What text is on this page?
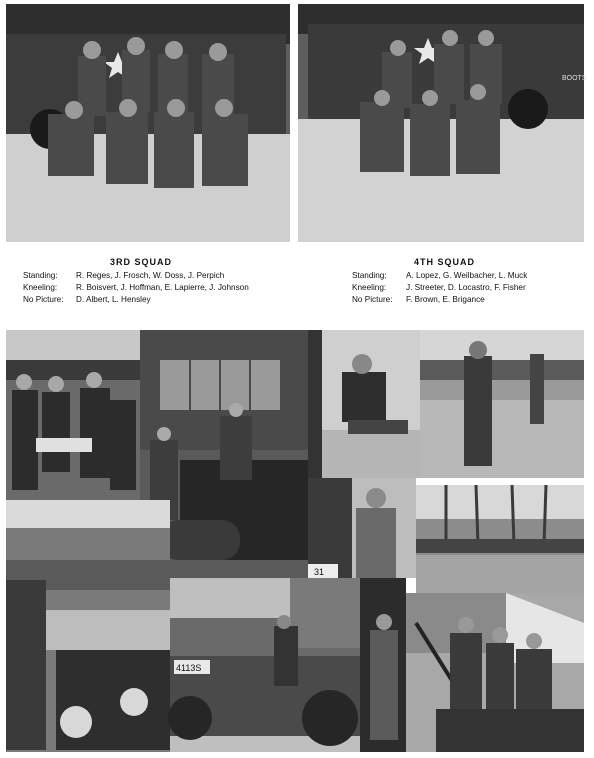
BOOTS
3RD SQUAD
Standing: R. Reges, J. Frosch, W. Doss, J. Perpich
Kneeling: R. Boisvert, J. Hoffman, E. Lapierre, J. Johnson
No Picture: D. Albert, L. Hensley
4TH SQUAD
Standing: A. Lopez, G. Weilbacher, L. Muck
Kneeling: J. Streeter, D. Locastro, F. Fisher
No Picture: F. Brown, E. Brigance
31
4113S
